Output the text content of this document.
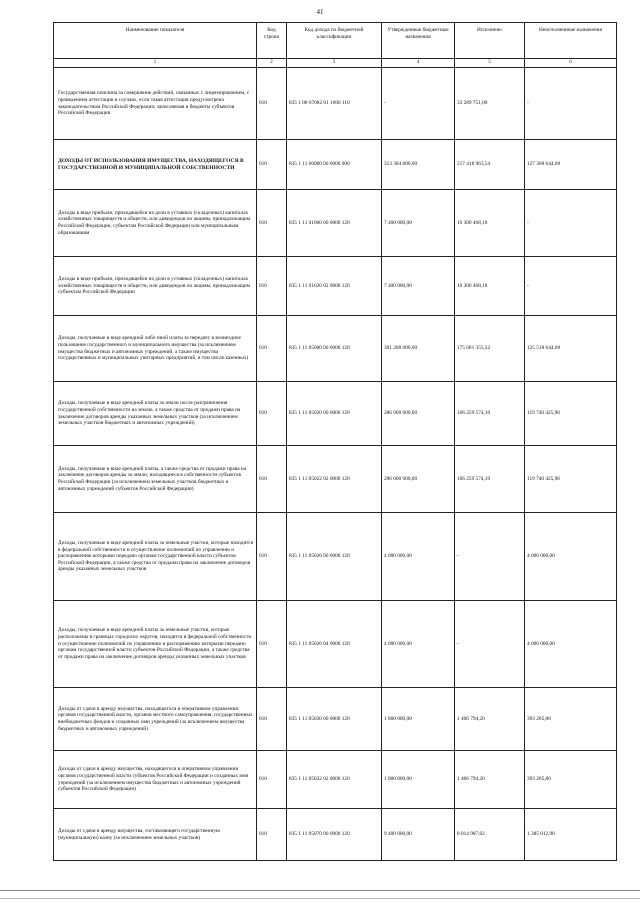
41
Наименование показателя	Код строки	Код дохода по бюджетной классификации	Утвержденные бюджетные назначения	Исполнено	Неисполненные назначения
1	2	3	4	5	6
Государственная пошлина за совершение действий, связанных с лицензированием, с проведением аттестации в случаях, если такая аттестация предусмотрена законодательством Российской Федерации, зачисляемая в бюджеты субъектов Российской Федерации	010	835 1 08 07082 01 1000 110	-	33 289 751,00	-
ДОХОДЫ ОТ ИСПОЛЬЗОВАНИЯ ИМУЩЕСТВА, НАХОДЯЩЕГОСЯ В ГОСУДАРСТВЕННОЙ И МУНИЦИПАЛЬНОЙ СОБСТВЕННОСТИ	010	835 1 11 00000 00 0000 000	313 384 000,00	217 418 963,54	127 368 644,68
Доходы в виде прибыли, приходящейся на доли в уставных (складочных) капиталах хозяйственных товариществ и обществ, или дивидендов по акциям, принадлежащим Российской Федерации, субъектам Российской Федерации или муниципальным образованиям	010	835 1 11 01000 00 0000 120	7 400 000,00	10 300 468,18	-
Доходы в виде прибыли, приходящейся на доли в уставных (складочных) капиталах хозяйственных товариществ и обществ, или дивидендов по акциям, принадлежащим субъектам Российской Федерации	010	835 1 11 01020 02 0000 120	7 400 000,00	10 300 468,18	-
Доходы, получаемые в виде арендной либо иной платы за передачу в возмездное пользование государственного и муниципального имущества (за исключением имущества бюджетных и автономных учреждений, а также имущества государственных и муниципальных унитарных предприятий, в том числе казенных)	010	835 1 11 05000 00 0000 120	301 200 000,00	175 681 355,32	125 518 644,68
Доходы, получаемые в виде арендной платы за земли после разграничения государственной собственности на землю, а также средства от продажи права на заключение договоров аренды указанных земельных участков (за исключением земельных участков бюджетных и автономных учреждений)	010	835 1 11 05020 00 0000 120	286 000 000,00	166 259 574,10	119 740 425,90
Доходы, получаемые в виде арендной платы, а также средства от продажи права на заключение договоров аренды за земли, находящиеся в собственности субъектов Российской Федерации (за исключением земельных участков бюджетных и автономных учреждений субъектов Российской Федерации)	010	835 1 11 05022 02 0000 120	286 000 000,00	166 259 574,10	119 740 425,90
Доходы, получаемые в виде арендной платы за земельные участки, которые находятся в федеральной собственности и осуществление полномочий по управлению и распоряжению которыми передано органам государственной власти субъектов Российской Федерации, а также средства от продажи права на заключение договоров аренды указанных земельных участков	010	835 1 11 05026 00 0000 120	4 000 000,00	-	4 000 000,00
Доходы, получаемые в виде арендной платы за земельные участки, которые расположены в границах городских округов, находятся в федеральной собственности и осуществление полномочий по управлению и распоряжению которыми передано органам государственной власти субъектов Российской Федерации, а также средства от продажи права на заключение договоров аренды указанных земельных участков	010	835 1 11 05026 04 0000 120	4 000 000,00	-	4 000 000,00
Доходы от сдачи в аренду имущества, находящегося в оперативном управлении органов государственной власти, органов местного самоуправления, государственных внебюджетных фондов и созданных ими учреждений (за исключением имущества бюджетных и автономных учреждений)	010	835 1 11 05030 00 0000 120	1 800 000,00	1 406 794,20	393 205,80
Доходы от сдачи в аренду имущества, находящегося в оперативном управлении органов государственной власти субъектов Российской Федерации и созданных ими учреждений (за исключением имущества бюджетных и автономных учреждений субъектов Российской Федерации)	010	835 1 11 05032 02 0000 120	1 800 000,00	1 406 794,20	393 205,80
Доходы от сдачи в аренду имущества, составляющего государственную (муниципальную) казну (за исключением земельных участков)	010	835 1 11 05070 00 0000 120	9 400 000,00	8 014 987,02	1 385 012,98
